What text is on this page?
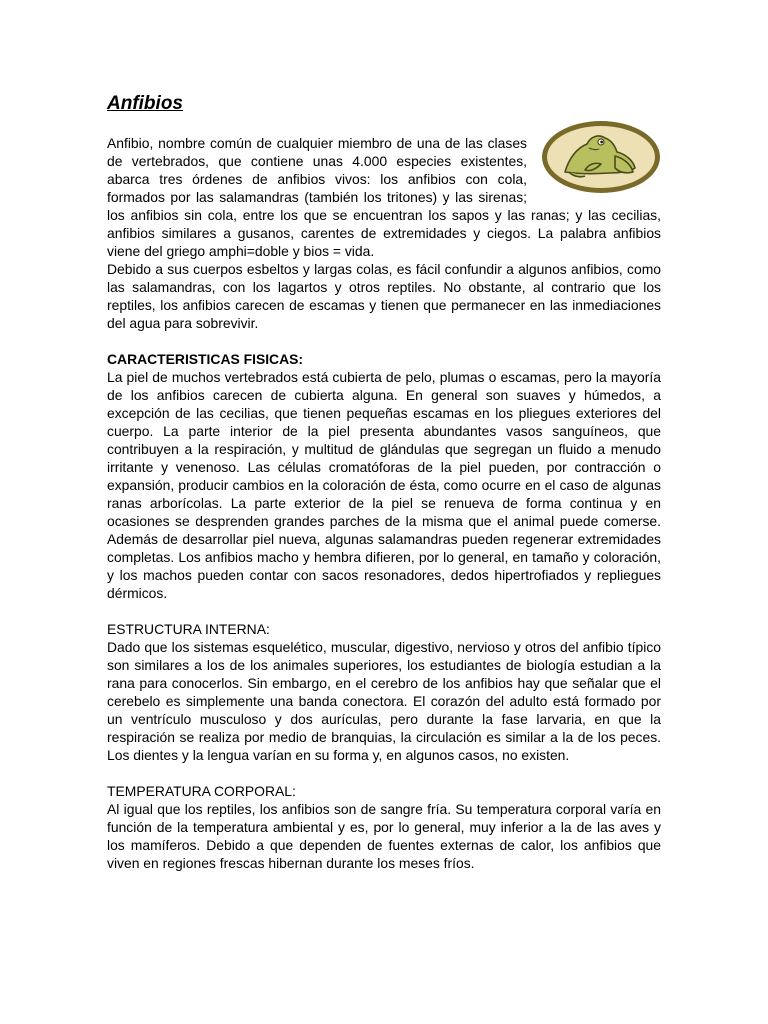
Anfibios

Anfibio, nombre común de cualquier miembro de una de las clases de vertebrados, que contiene unas 4.000 especies existentes, abarca tres órdenes de anfibios vivos: los anfibios con cola, formados por las salamandras (también los tritones) y las sirenas; los anfibios sin cola, entre los que se encuentran los sapos y las ranas; y las cecilias, anfibios similares a gusanos, carentes de extremidades y ciegos. La palabra anfibios viene del griego amphi=doble y bios = vida.

Debido a sus cuerpos esbeltos y largas colas, es fácil confundir a algunos anfibios, como las salamandras, con los lagartos y otros reptiles. No obstante, al contrario que los reptiles, los anfibios carecen de escamas y tienen que permanecer en las inmediaciones del agua para sobrevivir.

CARACTERISTICAS FISICAS:

La piel de muchos vertebrados está cubierta de pelo, plumas o escamas, pero la mayoría de los anfibios carecen de cubierta alguna. En general son suaves y húmedos, a excepción de las cecilias, que tienen pequeñas escamas en los pliegues exteriores del cuerpo. La parte interior de la piel presenta abundantes vasos sanguíneos, que contribuyen a la respiración, y multitud de glándulas que segregan un fluido a menudo irritante y venenoso. Las células cromatóforas de la piel pueden, por contracción o expansión, producir cambios en la coloración de ésta, como ocurre en el caso de algunas ranas arborícolas. La parte exterior de la piel se renueva de forma continua y en ocasiones se desprenden grandes parches de la misma que el animal puede comerse. Además de desarrollar piel nueva, algunas salamandras pueden regenerar extremidades completas. Los anfibios macho y hembra difieren, por lo general, en tamaño y coloración, y los machos pueden contar con sacos resonadores, dedos hipertrofiados y repliegues dérmicos.

ESTRUCTURA INTERNA:

Dado que los sistemas esquelético, muscular, digestivo, nervioso y otros del anfibio típico son similares a los de los animales superiores, los estudiantes de biología estudian a la rana para conocerlos. Sin embargo, en el cerebro de los anfibios hay que señalar que el cerebelo es simplemente una banda conectora. El corazón del adulto está formado por un ventrículo musculoso y dos aurículas, pero durante la fase larvaria, en que la respiración se realiza por medio de branquias, la circulación es similar a la de los peces. Los dientes y la lengua varían en su forma y, en algunos casos, no existen.

TEMPERATURA CORPORAL:

Al igual que los reptiles, los anfibios son de sangre fría. Su temperatura corporal varía en función de la temperatura ambiental y es, por lo general, muy inferior a la de las aves y los mamíferos. Debido a que dependen de fuentes externas de calor, los anfibios que viven en regiones frescas hibernan durante los meses fríos.
